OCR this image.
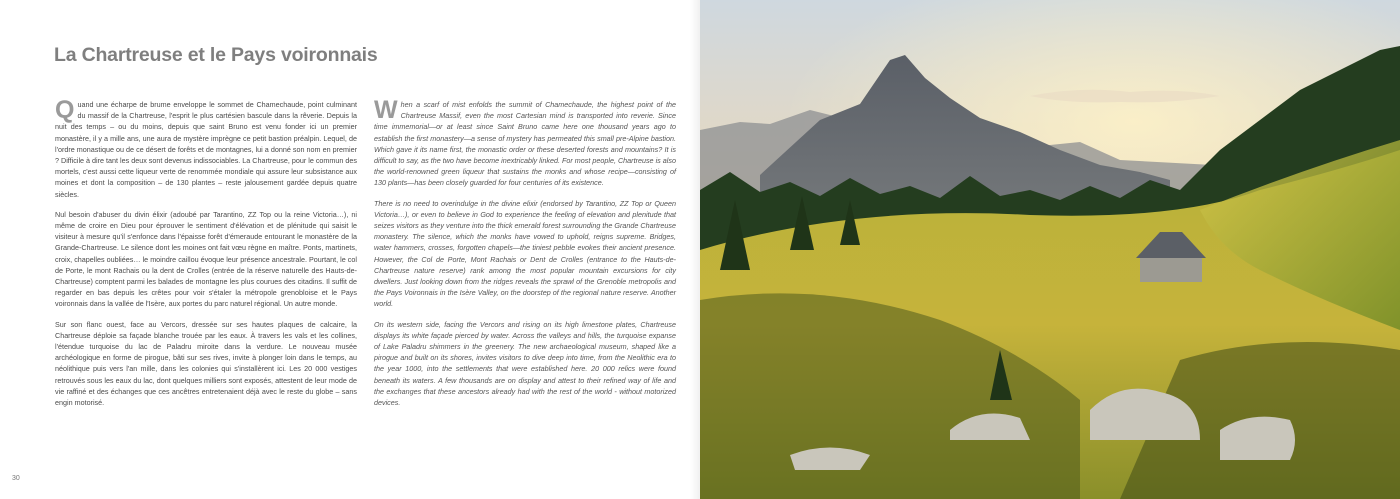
La Chartreuse et le Pays voironnais

Quand une écharpe de brume enveloppe le sommet de Chamechaude, point culminant du massif de la Chartreuse, l'esprit le plus cartésien bascule dans la rêverie. Depuis la nuit des temps – ou du moins, depuis que saint Bruno est venu fonder ici un premier monastère, il y a mille ans, une aura de mystère imprègne ce petit bastion préalpin. Lequel, de l'ordre monastique ou de ce désert de forêts et de montagnes, lui a donné son nom en premier ? Difficile à dire tant les deux sont devenus indissociables. La Chartreuse, pour le commun des mortels, c'est aussi cette liqueur verte de renommée mondiale qui assure leur subsistance aux moines et dont la composition – de 130 plantes – reste jalousement gardée depuis quatre siècles.

Nul besoin d'abuser du divin élixir (adoubé par Tarantino, ZZ Top ou la reine Victoria…), ni même de croire en Dieu pour éprouver le sentiment d'élévation et de plénitude qui saisit le visiteur à mesure qu'il s'enfonce dans l'épaisse forêt d'émeraude entourant le monastère de la Grande-Chartreuse. Le silence dont les moines ont fait vœu règne en maître. Ponts, martinets, croix, chapelles oubliées… le moindre caillou évoque leur présence ancestrale. Pourtant, le col de Porte, le mont Rachais ou la dent de Crolles (entrée de la réserve naturelle des Hauts-de-Chartreuse) comptent parmi les balades de montagne les plus courues des citadins. Il suffit de regarder en bas depuis les crêtes pour voir s'étaler la métropole grenobloise et le Pays voironnais dans la vallée de l'Isère, aux portes du parc naturel régional. Un autre monde.

Sur son flanc ouest, face au Vercors, dressée sur ses hautes plaques de calcaire, la Chartreuse déploie sa façade blanche trouée par les eaux. À travers les vals et les collines, l'étendue turquoise du lac de Paladru miroite dans la verdure. Le nouveau musée archéologique en forme de pirogue, bâti sur ses rives, invite à plonger loin dans le temps, au néolithique puis vers l'an mille, dans les colonies qui s'installèrent ici. Les 20 000 vestiges retrouvés sous les eaux du lac, dont quelques milliers sont exposés, attestent de leur mode de vie raffiné et des échanges que ces ancêtres entretenaient déjà avec le reste du globe – sans engin motorisé.

When a scarf of mist enfolds the summit of Chamechaude, the highest point of the Chartreuse Massif, even the most Cartesian mind is transported into reverie. Since time immemorial—or at least since Saint Bruno came here one thousand years ago to establish the first monastery—a sense of mystery has permeated this small pre-Alpine bastion. Which gave it its name first, the monastic order or these deserted forests and mountains? It is difficult to say, as the two have become inextricably linked. For most people, Chartreuse is also the world-renowned green liqueur that sustains the monks and whose recipe—consisting of 130 plants—has been closely guarded for four centuries of its existence.

There is no need to overindulge in the divine elixir (endorsed by Tarantino, ZZ Top or Queen Victoria…), or even to believe in God to experience the feeling of elevation and plenitude that seizes visitors as they venture into the thick emerald forest surrounding the Grande Chartreuse monastery. The silence, which the monks have vowed to uphold, reigns supreme. Bridges, water hammers, crosses, forgotten chapels—the tiniest pebble evokes their ancient presence. However, the Col de Porte, Mont Rachais or Dent de Crolles (entrance to the Hauts-de-Chartreuse nature reserve) rank among the most popular mountain excursions for city dwellers. Just looking down from the ridges reveals the sprawl of the Grenoble metropolis and the Pays Voironnais in the Isère Valley, on the doorstep of the regional nature reserve. Another world.

On its western side, facing the Vercors and rising on its high limestone plates, Chartreuse displays its white façade pierced by water. Across the valleys and hills, the turquoise expanse of Lake Paladru shimmers in the greenery. The new archaeological museum, shaped like a pirogue and built on its shores, invites visitors to dive deep into time, from the Neolithic era to the year 1000, into the settlements that were established here. 20 000 relics were found beneath its waters. A few thousands are on display and attest to their refined way of life and the exchanges that these ancestors already had with the rest of the world - without motorized devices.

30
